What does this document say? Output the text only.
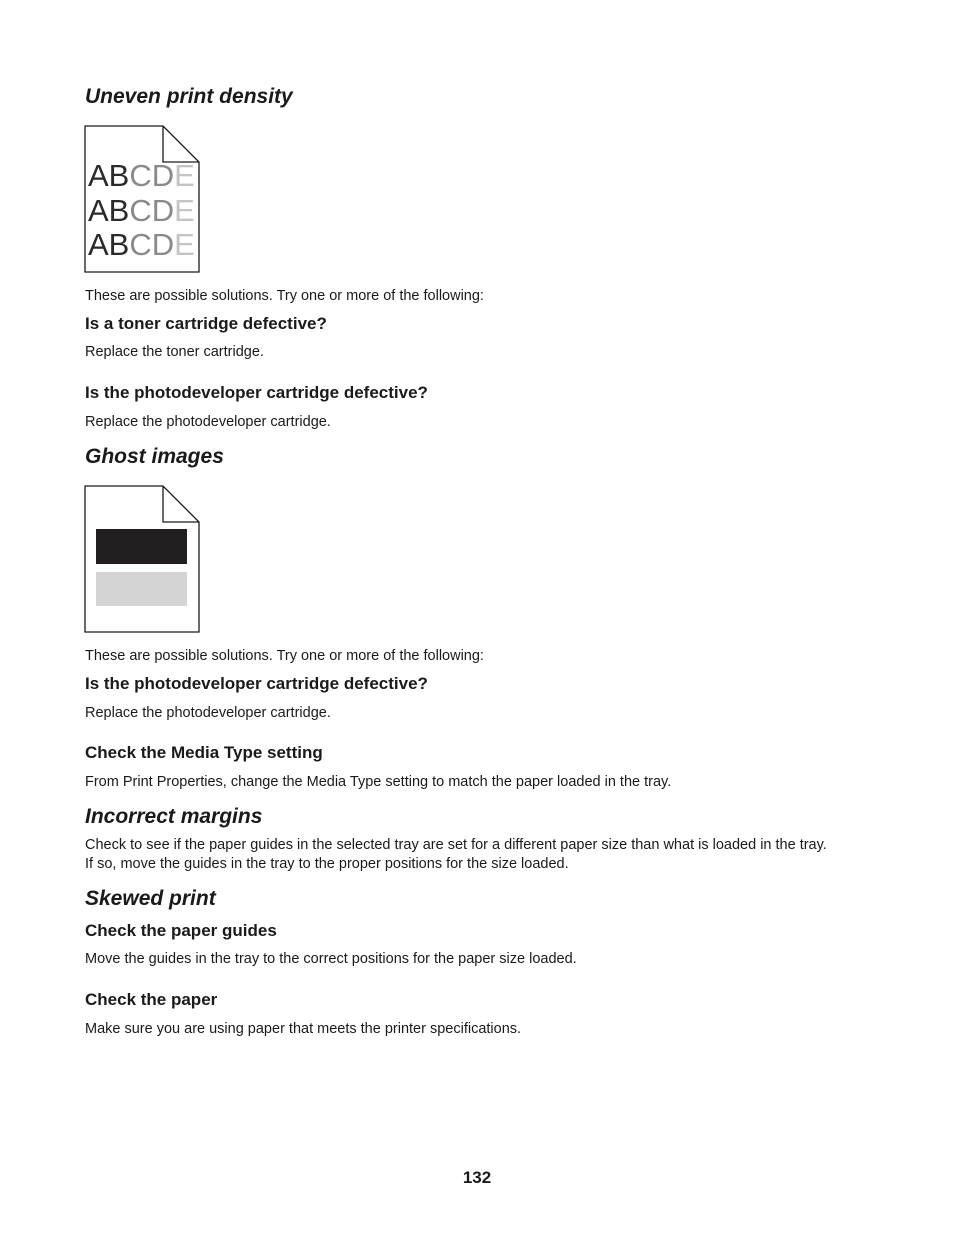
Uneven print density
ABCDE
ABCDE
ABCDE
These are possible solutions. Try one or more of the following:
Is a toner cartridge defective?
Replace the toner cartridge.
Is the photodeveloper cartridge defective?
Replace the photodeveloper cartridge.
Ghost images
These are possible solutions. Try one or more of the following:
Is the photodeveloper cartridge defective?
Replace the photodeveloper cartridge.
Check the Media Type setting
From Print Properties, change the Media Type setting to match the paper loaded in the tray.
Incorrect margins
Check to see if the paper guides in the selected tray are set for a different paper size than what is loaded in the tray.
If so, move the guides in the tray to the proper positions for the size loaded.
Skewed print
Check the paper guides
Move the guides in the tray to the correct positions for the paper size loaded.
Check the paper
Make sure you are using paper that meets the printer specifications.
132
